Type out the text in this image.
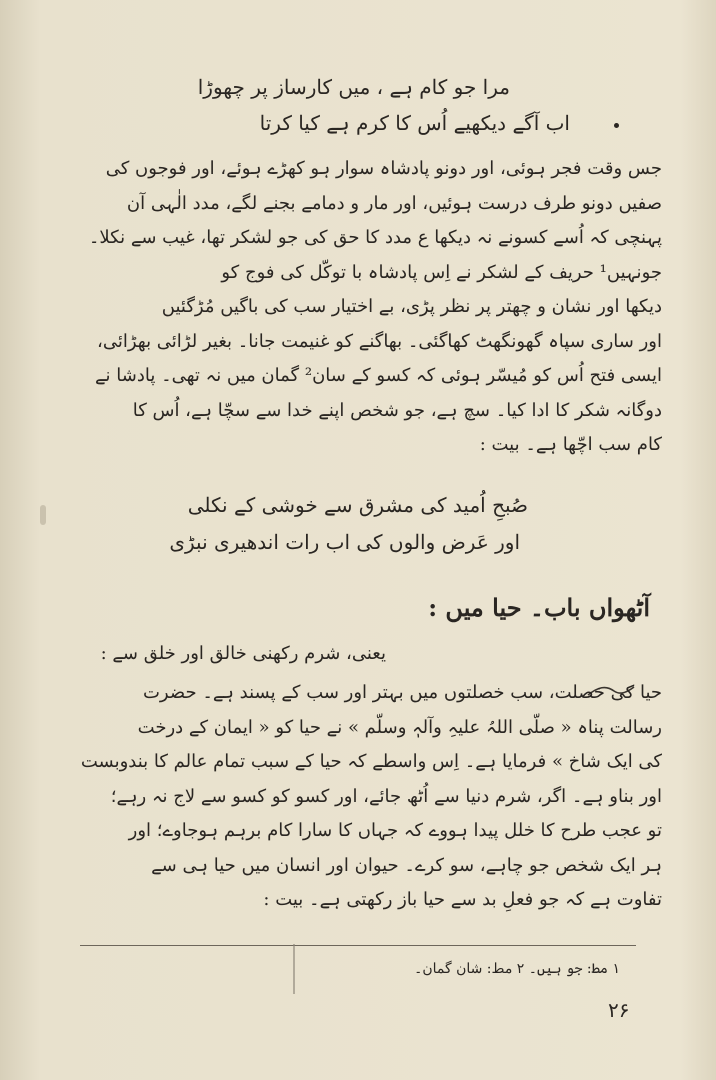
مرا جو کام ہے ، میں کارساز پر چھوڑا
اب آگے دیکھیے اُس کا کرم ہے کیا کرتا
جس وقت فجر ہوئی، اور دونو پادشاہ سوار ہو کھڑے ہوئے، اور فوجوں کی
صفیں دونو طرف درست ہوئیں، اور مار و دمامے بجنے لگے، مدد الٰہی آن
پہنچی کہ اُسے کسونے نہ دیکھا ع مدد کا حق کی جو لشکر تھا، غیب سے نکلا۔
جونہیں¹ حریف کے لشکر نے اِس پادشاہ با توکّل کی فوج کو
دیکھا اور نشان و چھتر پر نظر پڑی، بے اختیار سب کی باگیں مُڑگئیں
اور ساری سپاہ گھونگھٹ کھاگئی۔ بھاگنے کو غنیمت جانا۔ بغیر لڑائی بھڑائی،
ایسی فتح اُس کو مُیسّر ہوئی کہ کسو کے سان² گمان میں نہ تھی۔ پادشا نے
دوگانہ شکر کا ادا کیا۔ سچ ہے، جو شخص اپنے خدا سے سچّا ہے، اُس کا
کام سب اچّھا ہے۔ بیت :
صُبحِ اُمید کی مشرق سے خوشی کے نکلی
اور عَرض والوں کی اب رات اندھیری نبڑی
آٹھواں باب۔ حیا میں :
یعنی، شرم رکھنی خالق اور خلق سے :
حیا کی خصلت، سب خصلتوں میں بہتر اور سب کے پسند ہے۔ حضرت
رسالت پناہ « صلّی اللہُ علیہِ وآلہٖ وسلّم » نے حیا کو « ایمان کے درخت
کی ایک شاخ » فرمایا ہے۔ اِس واسطے کہ حیا کے سبب تمام عالم کا بندوبست
اور بناو ہے۔ اگر، شرم دنیا سے اُٹھ جائے، اور کسو کو کسو سے لاج نہ رہے؛
تو عجب طرح کا خلل پیدا ہووے کہ جہاں کا سارا کام برہم ہوجاوے؛ اور
ہر ایک شخص جو چاہے، سو کرے۔ حیوان اور انسان میں حیا ہی سے
تفاوت ہے کہ جو فعلِ بد سے حیا باز رکھتی ہے۔ بیت :
۱ مط: جو ہیں۔ ۲ مط: شان گمان۔
۲۶
